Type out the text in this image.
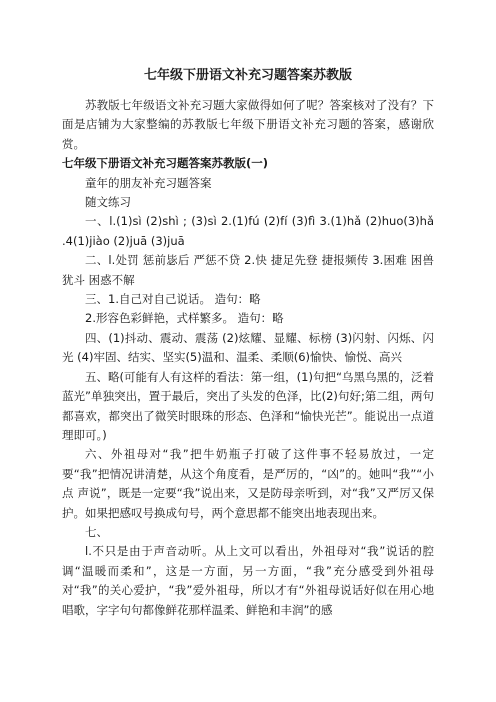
七年级下册语文补充习题答案苏教版

苏教版七年级语文补充习题大家做得如何了呢？答案核对了没有？下面是店铺为大家整编的苏教版七年级下册语文补充习题的答案，感谢欣赏。

七年级下册语文补充习题答案苏教版(一)

童年的朋友补充习题答案

随文练习

一、l.(1)sì (2)shì ; (3)sì 2.(1)fú (2)fí (3)fì 3.(1)hǎ (2)huo(3)hǎ .4(1)jiào (2)juā (3)juā

二、l.处罚 惩前毖后 严惩不贷 2.快 捷足先登 捷报频传 3.困难 困兽犹斗 困惑不解

三、1.自己对自己说话。 造句：略

2.形容色彩鲜艳，式样繁多。 造句：略

四、(1)抖动、震动、震荡 (2)炫耀、显耀、标榜 (3)闪射、闪烁、闪光 (4)牢固、结实、坚实(5)温和、温柔、柔顺(6)愉快、愉悦、高兴

五、略(可能有人有这样的看法：第一组，(1)句把“乌黑乌黑的，泛着蓝光”单独突出，置于最后，突出了头发的色泽，比(2)句好;第二组，两句都喜欢，都突出了微笑时眼珠的形态、色泽和“愉快光芒”。能说出一点道理即可。)

六、外祖母对“我”把牛奶瓶子打破了这件事不轻易放过，一定要“我”把情况讲清楚，从这个角度看，是严厉的，“凶”的。她叫“我”“小点 声说”，既是一定要“我”说出来，又是防母亲听到，对“我”又严厉又保护。如果把感叹号换成句号，两个意思都不能突出地表现出来。

七、

l.不只是由于声音动听。从上文可以看出，外祖母对“我”说话的腔调“温暖而柔和”，这是一方面，另一方面，“我”充分感受到外祖母对“我”的关心爱护，“我”爱外祖母，所以才有“外祖母说话好似在用心地唱歌，字字句句都像鲜花那样温柔、鲜艳和丰润”的感
